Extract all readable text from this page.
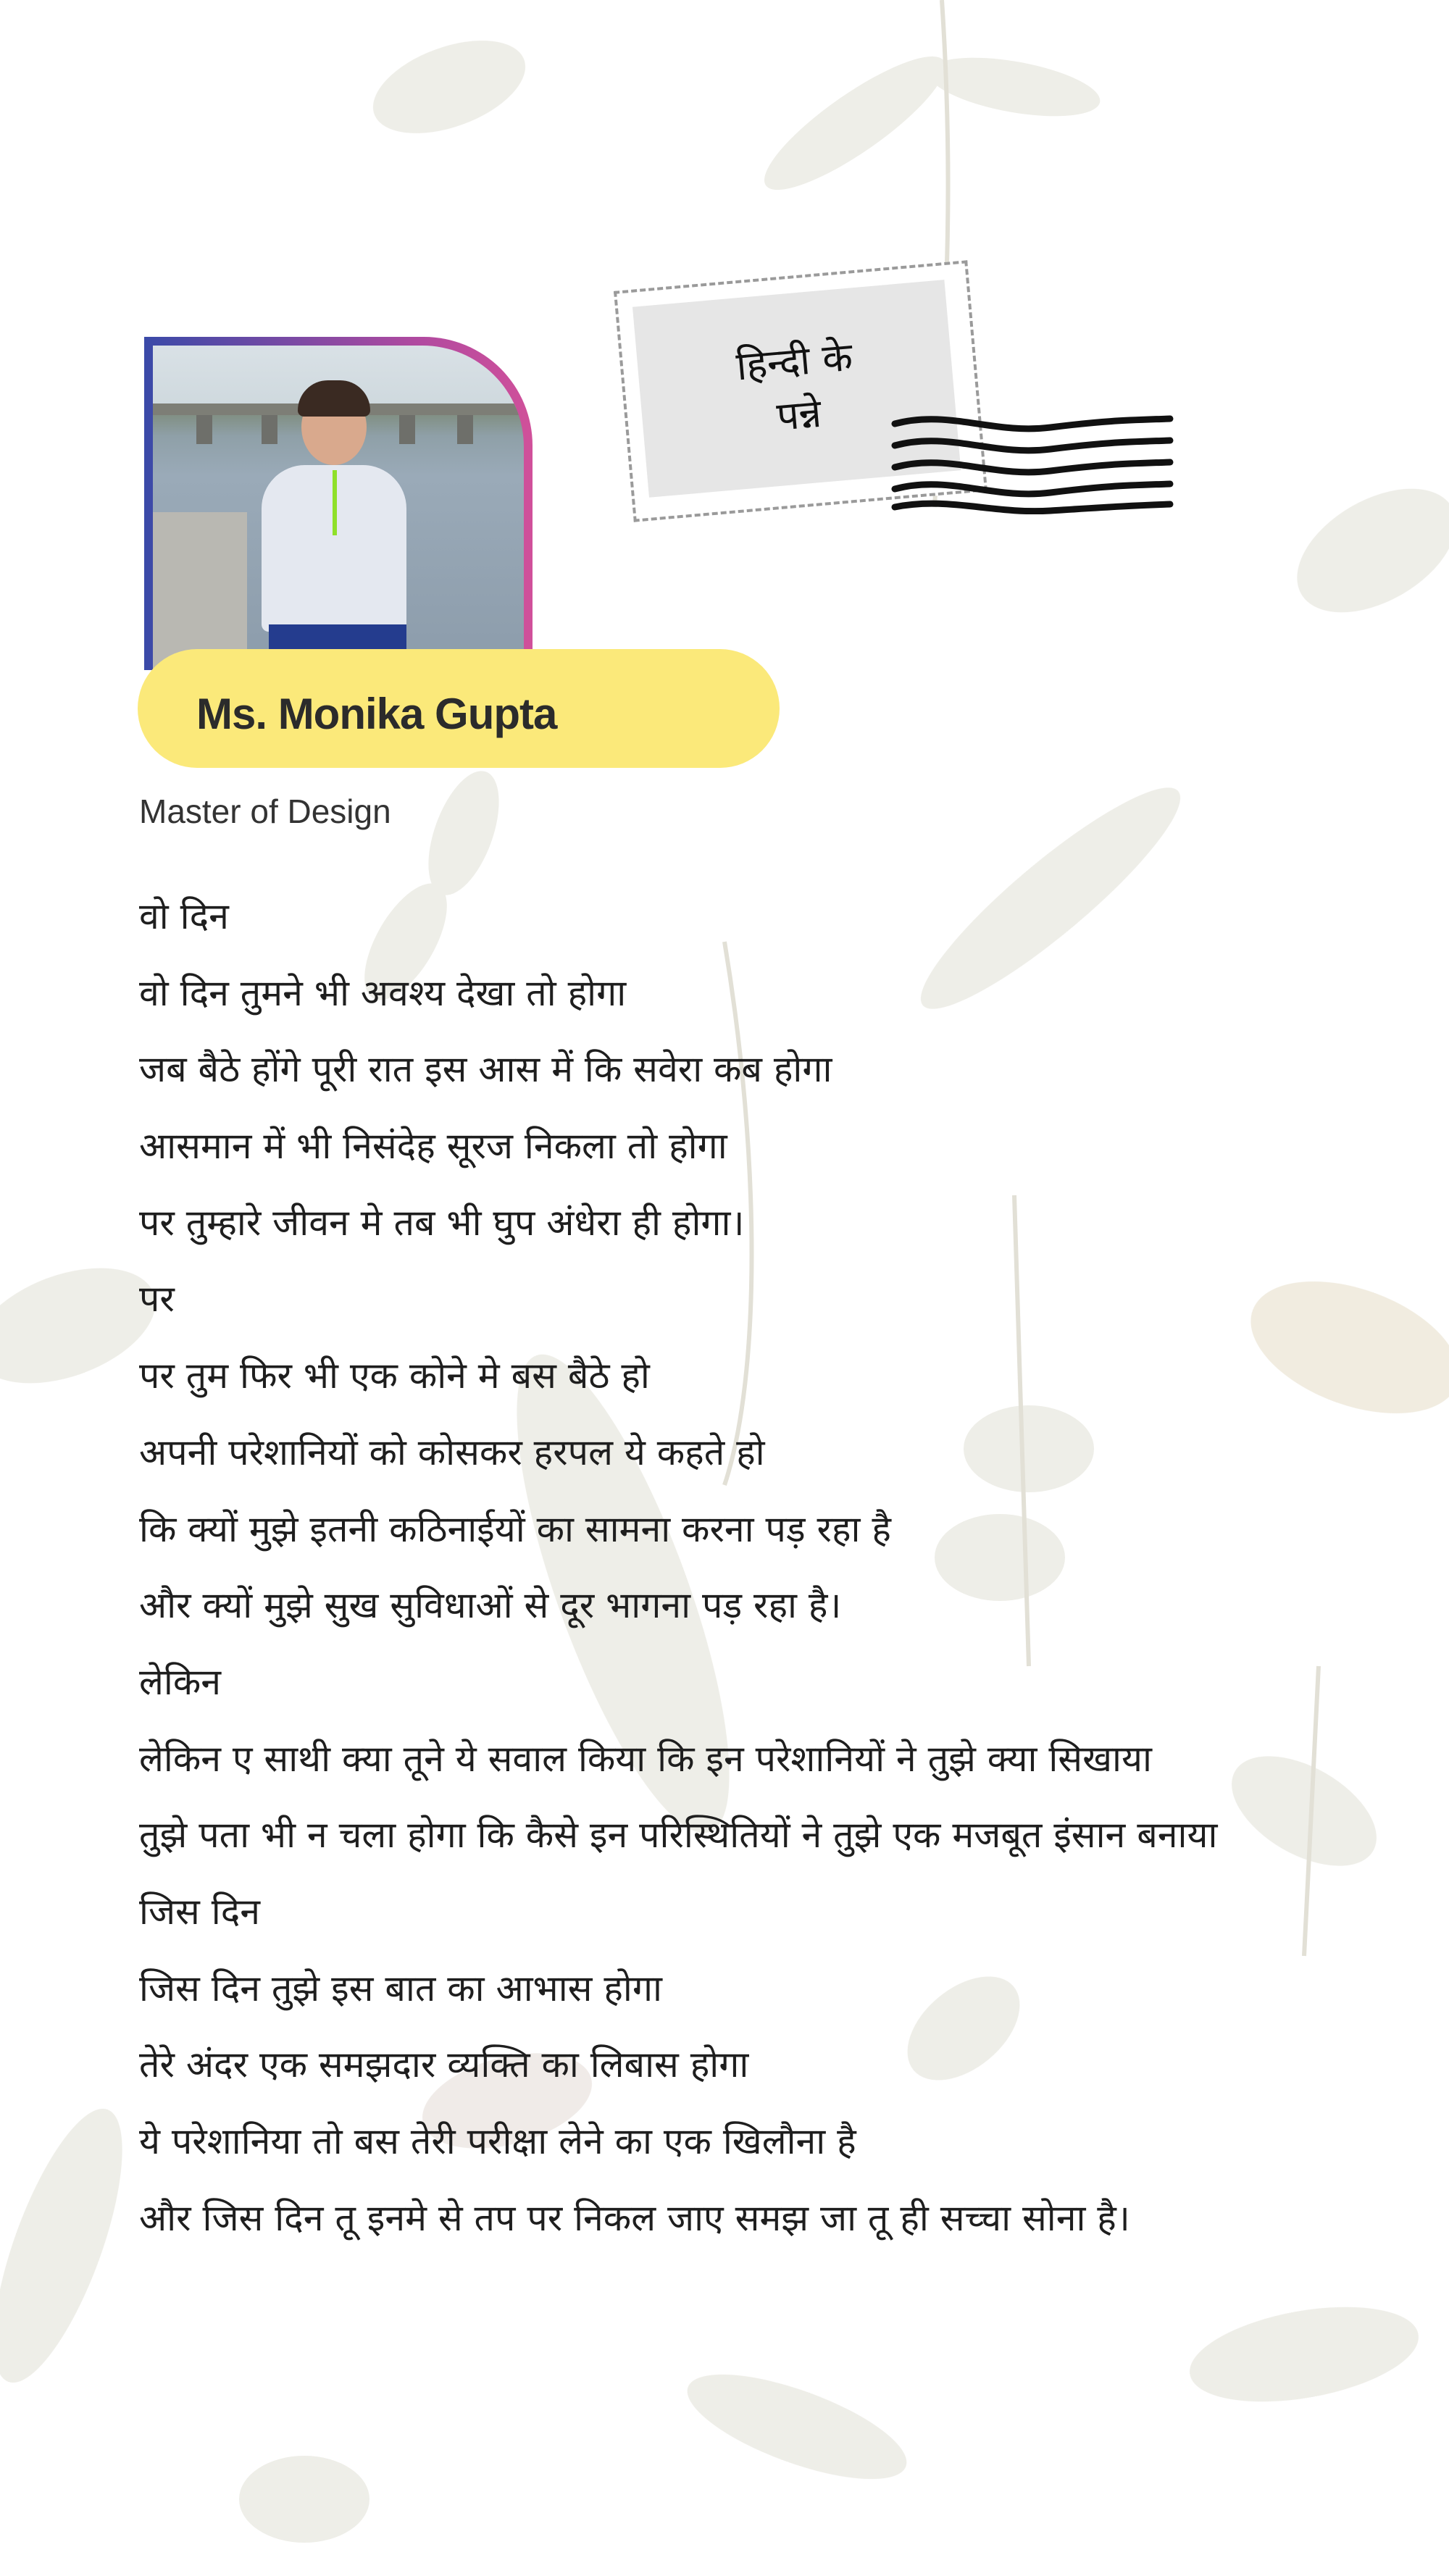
Ms. Monika Gupta
Master of Design
हिन्दी के
पन्ने
वो दिन
वो दिन तुमने भी अवश्य देखा तो होगा
जब बैठे होंगे पूरी रात इस आस में कि सवेरा कब होगा
आसमान में भी निसंदेह सूरज निकला तो होगा
पर तुम्हारे जीवन मे तब भी घुप अंधेरा ही होगा।
पर
पर तुम फिर भी एक कोने मे बस बैठे हो
अपनी परेशानियों को कोसकर हरपल ये कहते हो
कि क्यों मुझे इतनी कठिनाईयों का सामना करना पड़ रहा है
और क्यों मुझे सुख सुविधाओं से दूर भागना पड़ रहा है।
लेकिन
लेकिन ए साथी क्या तूने ये सवाल किया कि इन परेशानियों ने तुझे क्या सिखाया
तुझे पता भी न चला होगा कि कैसे इन परिस्थितियों ने तुझे एक मजबूत इंसान बनाया
जिस दिन
जिस दिन तुझे इस बात का आभास होगा
तेरे अंदर एक समझदार व्यक्ति का लिबास होगा
ये परेशानिया तो बस तेरी परीक्षा लेने का एक खिलौना है
और जिस दिन तू इनमे से तप पर निकल जाए समझ जा तू ही सच्चा सोना है।
